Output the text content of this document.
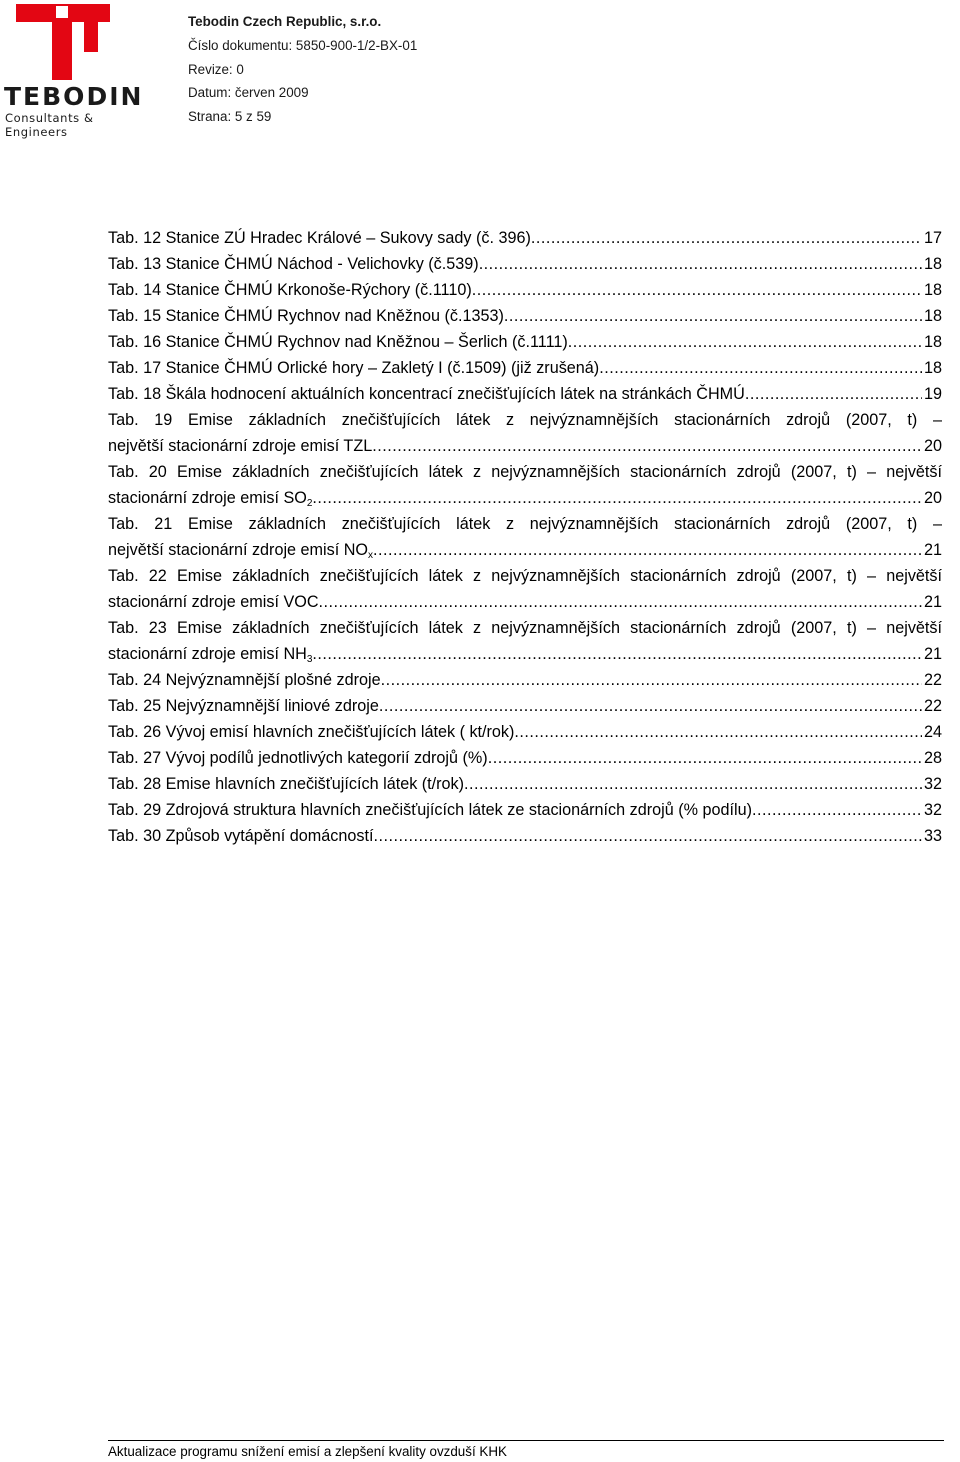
TEBODIN
Consultants & Engineers
Tebodin Czech Republic, s.r.o.
Číslo dokumentu: 5850-900-1/2-BX-01
Revize: 0
Datum: červen 2009
Strana: 5 z 59
Tab. 12 Stanice ZÚ Hradec Králové – Sukovy sady (č. 396) .....	17
Tab. 13 Stanice ČHMÚ Náchod - Velichovky (č.539) .....	18
Tab. 14 Stanice ČHMÚ Krkonoše-Rýchory (č.1110) .....	18
Tab. 15 Stanice ČHMÚ Rychnov nad Kněžnou (č.1353) .....	18
Tab. 16 Stanice ČHMÚ Rychnov nad Kněžnou – Šerlich (č.1111) .....	18
Tab. 17 Stanice ČHMÚ Orlické hory – Zakletý I (č.1509) (již zrušená) .....	18
Tab. 18 Škála hodnocení aktuálních koncentrací znečišťujících látek na stránkách ČHMÚ .....	19
Tab. 19 Emise základních znečišťujících látek z nejvýznamnějších stacionárních zdrojů (2007, t) –
největší stacionární zdroje emisí TZL .....	20
Tab. 20 Emise základních znečišťujících látek z nejvýznamnějších stacionárních zdrojů (2007, t) – největší
stacionární zdroje emisí $SO_2$ .....	20
Tab. 21 Emise základních znečišťujících látek z nejvýznamnějších stacionárních zdrojů (2007, t) –
největší stacionární zdroje emisí $NO_x$ .....	21
Tab. 22 Emise základních znečišťujících látek z nejvýznamnějších stacionárních zdrojů (2007, t) – největší
stacionární zdroje emisí VOC .....	21
Tab. 23 Emise základních znečišťujících látek z nejvýznamnějších stacionárních zdrojů (2007, t) – největší
stacionární zdroje emisí $NH_3$ .....	21
Tab. 24 Nejvýznamnější plošné zdroje .....	22
Tab. 25 Nejvýznamnější liniové zdroje .....	22
Tab. 26 Vývoj emisí hlavních znečišťujících látek ( kt/rok) .....	24
Tab. 27 Vývoj podílů jednotlivých kategorií zdrojů (%) .....	28
Tab. 28 Emise hlavních znečišťujících látek (t/rok) .....	32
Tab. 29 Zdrojová struktura hlavních znečišťujících látek ze stacionárních zdrojů (% podílu) .....	32
Tab. 30 Způsob vytápění domácností .....	33
Aktualizace programu snížení emisí a zlepšení kvality ovzduší KHK
